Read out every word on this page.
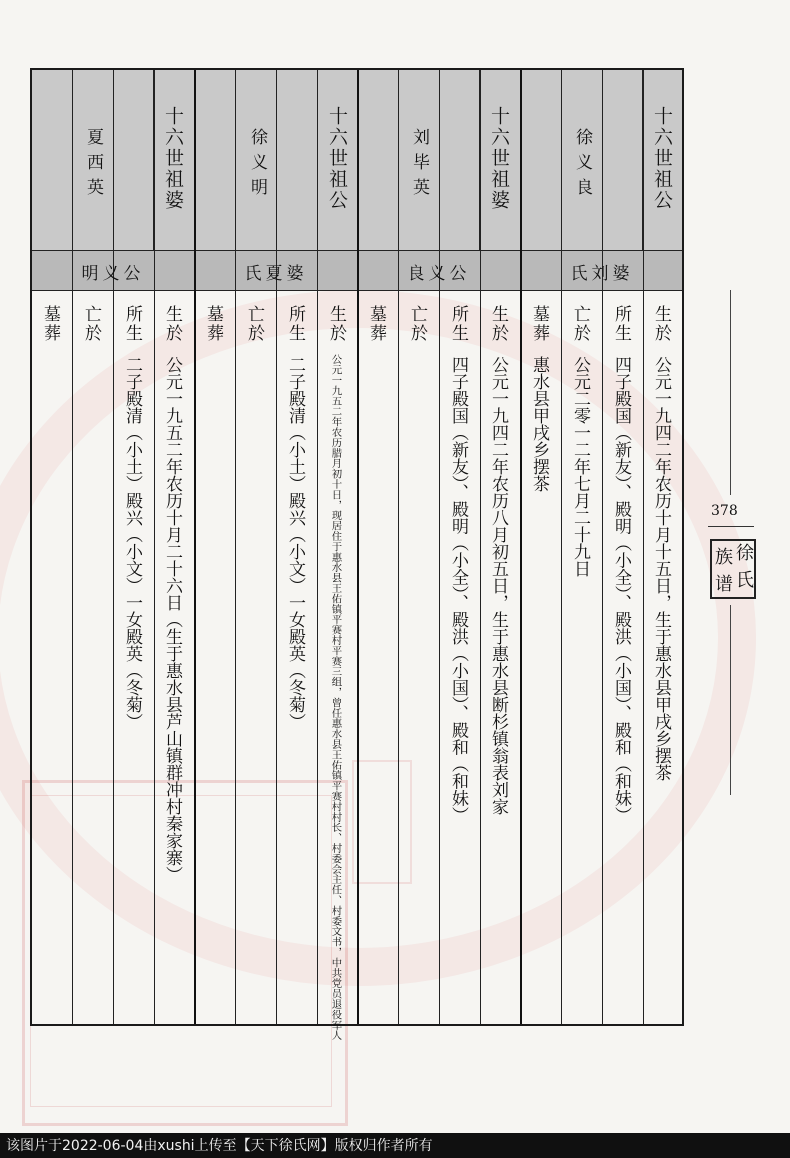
十六世祖公
徐义良
氏刘婆
生於
公元一九四二年农历十月十五日，生于惠水县甲戌乡摆茶
所生
四子殿国（新友）、殿明（小全）、殿洪（小国）、殿和（和妹）
亡於
公元二零一二年七月二十九日
墓葬
惠水县甲戌乡摆茶
十六世祖婆
刘毕英
良义公
生於
公元一九四二年农历八月初五日，生于惠水县断杉镇翁表刘家
所生
四子殿国（新友）、殿明（小全）、殿洪（小国）、殿和（和妹）
亡於
墓葬
十六世祖公
徐义明
氏夏婆
生於
公元一九五二年农历腊月初十日，现居住于惠水县王佑镇平赛村平赛三组，曾任惠水县王佑镇平赛村村长、村委会主任、村委文书，中共党员退役军人
所生
二子殿清（小土）殿兴（小文）一女殿英（冬菊）
亡於
墓葬
十六世祖婆
夏西英
明义公
生於
公元一九五二年农历十月二十六日（生于惠水县芦山镇群冲村秦家寨）
所生
二子殿清（小土）殿兴（小文）一女殿英（冬菊）
亡於
墓葬
378
徐
氏
族
谱
该图片于2022-06-04由xushi上传至【天下徐氏网】版权归作者所有
